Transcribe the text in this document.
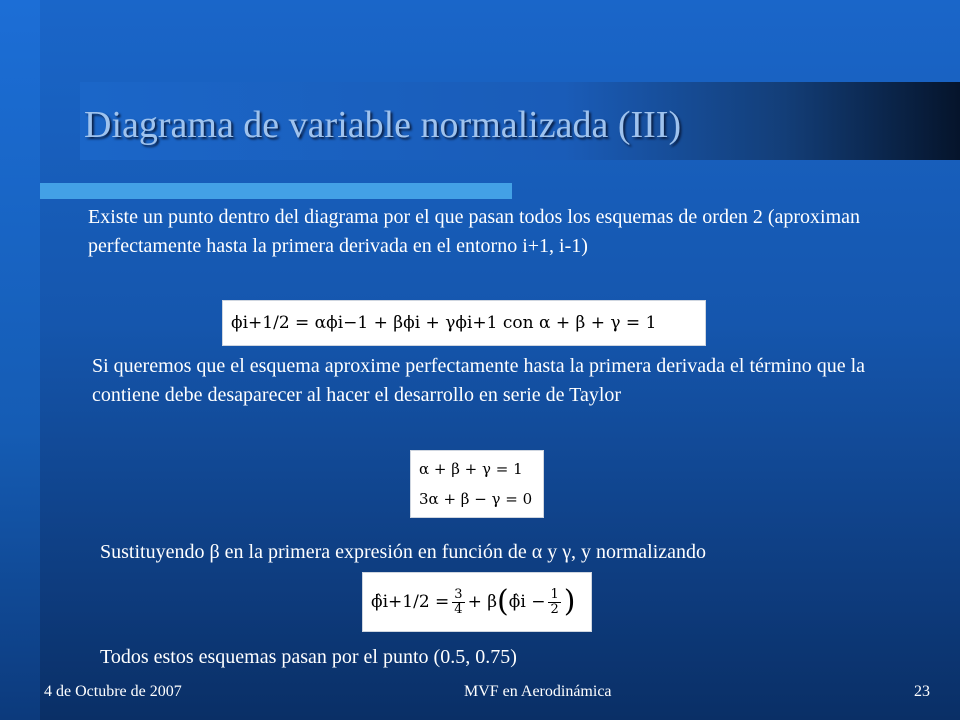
Diagrama de variable normalizada (III)

Existe un punto dentro del diagrama por el que pasan todos los esquemas de orden 2 (aproximan perfectamente hasta la primera derivada en el entorno i+1, i-1)

ϕi+1/2 = αϕi−1 + βϕi + γϕi+1 con α + β + γ = 1

Si queremos que el esquema aproxime perfectamente hasta la primera derivada el término que la contiene debe desaparecer al hacer el desarrollo en serie de Taylor

α + β + γ = 1
3α + β − γ = 0

Sustituyendo β en la primera expresión en función de α y γ, y normalizando

ϕ̂i+1/2 = $\frac{3}{4} + \beta$ ( ϕ̂i − $\frac{1}{2}$ )

Todos estos esquemas pasan por el punto (0.5, 0.75)

4 de Octubre de 2007	MVF en Aerodinámica	23
